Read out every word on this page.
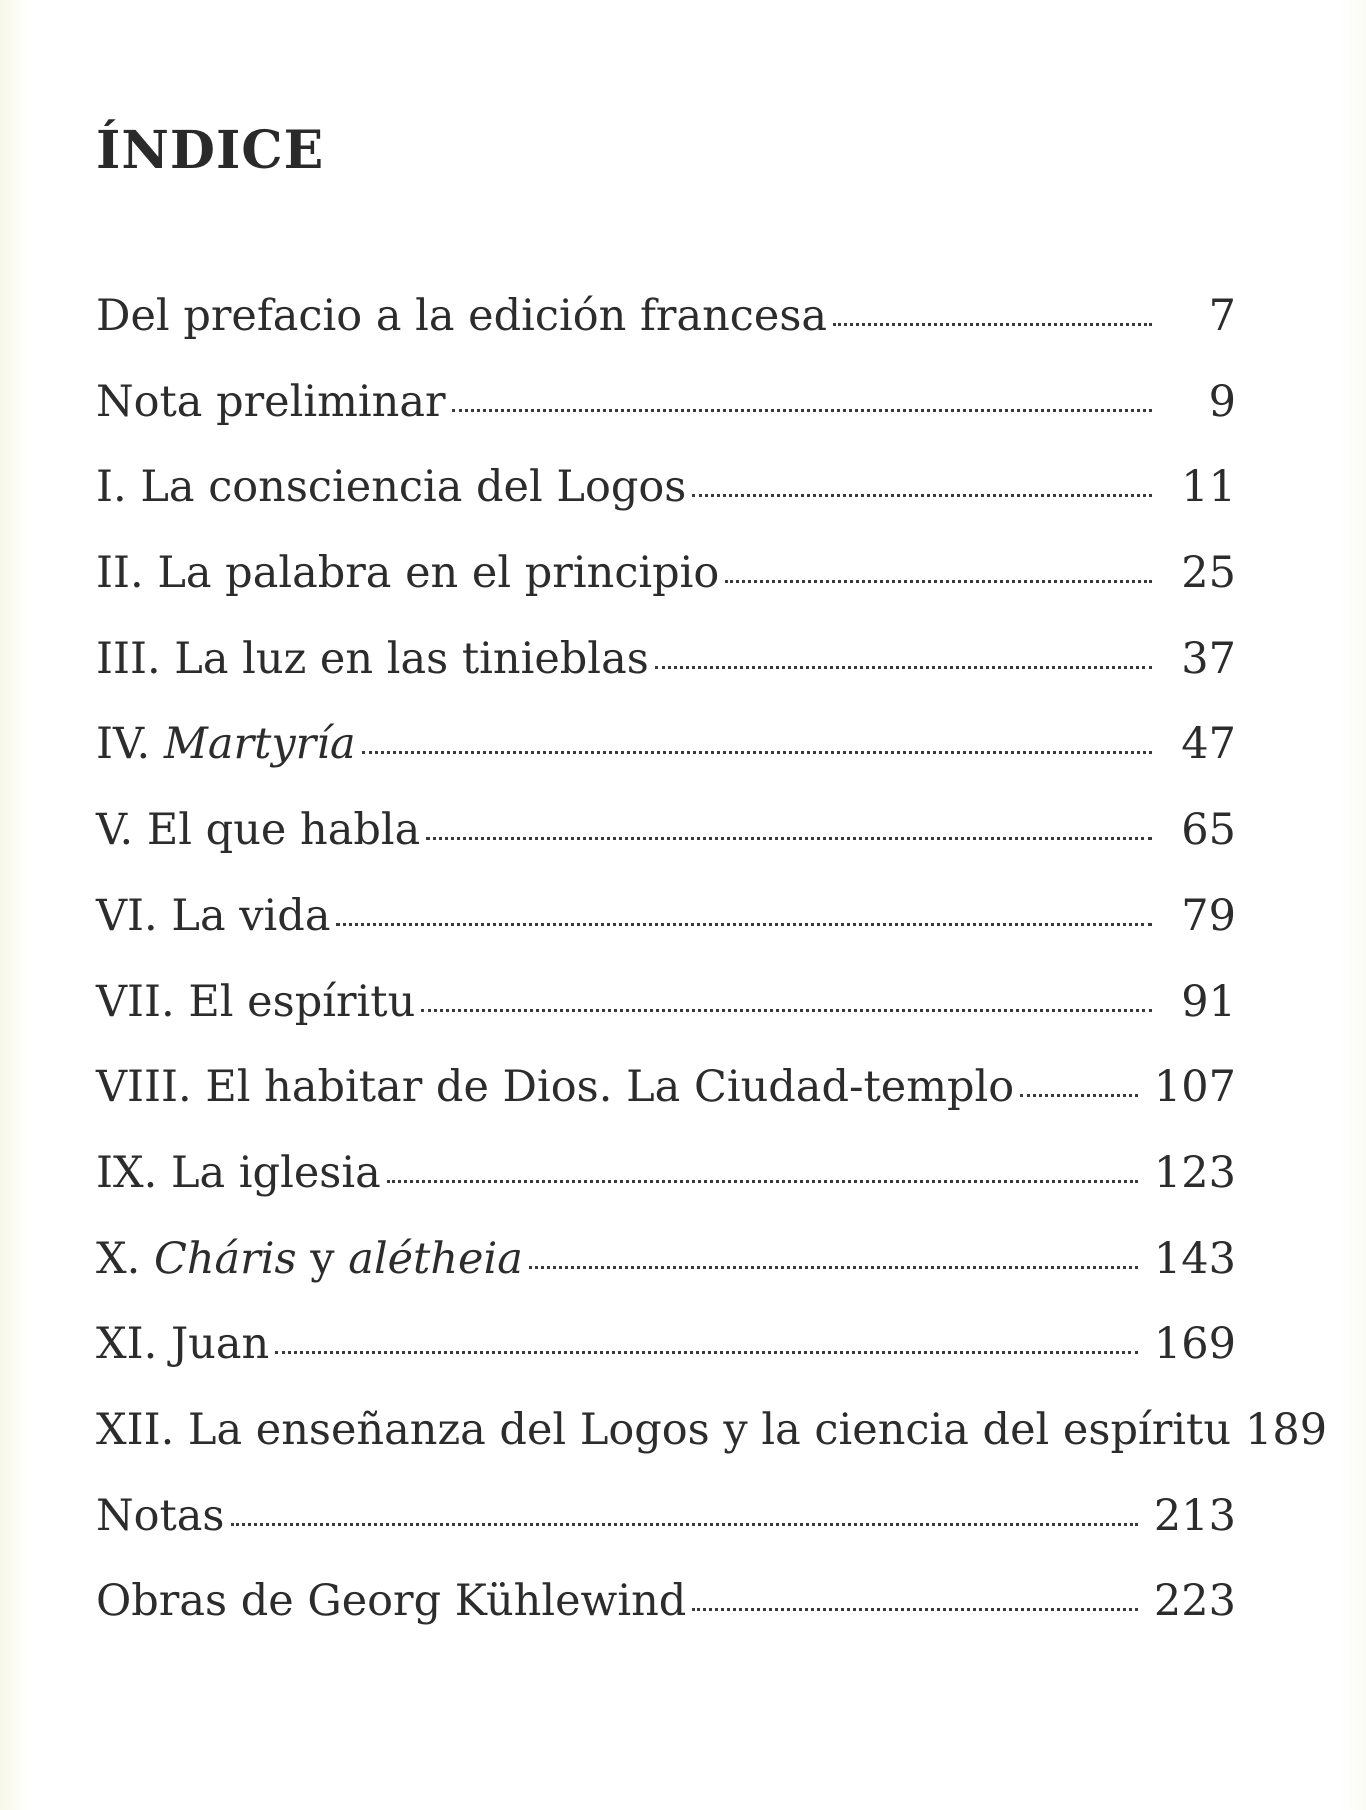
ÍNDICE
Del prefacio a la edición francesa	7
Nota preliminar	9
I. La consciencia del Logos	11
II. La palabra en el principio	25
III. La luz en las tinieblas	37
IV. Martyría	47
V. El que habla	65
VI. La vida	79
VII. El espíritu	91
VIII. El habitar de Dios. La Ciudad-templo	107
IX. La iglesia	123
X. Cháris y alétheia	143
XI. Juan	169
XII. La enseñanza del Logos y la ciencia del espíritu 189
Notas	213
Obras de Georg Kühlewind	223
